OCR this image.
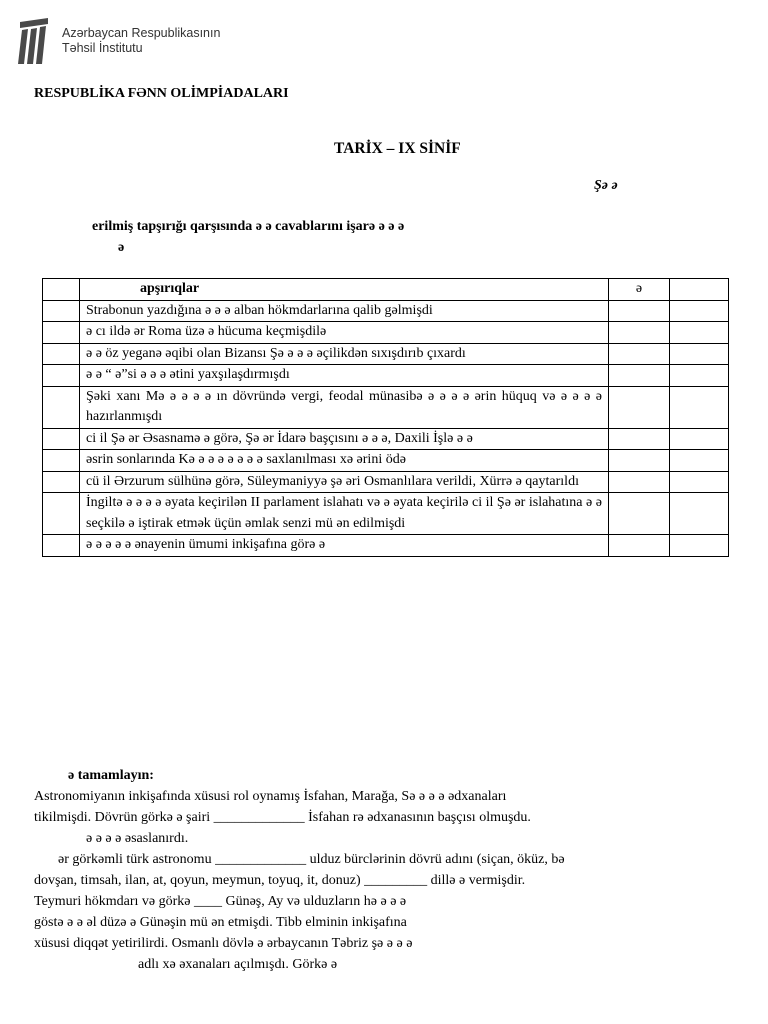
Azərbaycan Respublikasının
Təhsil İnstitutu
RESPUBLİKA FƏNN OLİMPİADALARI
TARİX – IX SİNİF
Şə ə
erilmiş tapşırığı qarşısında ə ə cavablarını işarə ə ə ə
ə
	apşırıqlar	ə	
	Strabonun yazdığına ə ə ə alban hökmdarlarına qalib gəlmişdi		
	ə cı ildə ər Roma üzə ə hücuma keçmişdilə		
	ə ə öz yeganə əqibi olan Bizansı Şə ə ə ə əçilikdən sıxışdırıb çıxardı		
	ə ə “ ə”si ə ə ə ətini yaxşılaşdırmışdı		
	Şəki xanı Mə ə ə ə ə ın dövründə vergi, feodal münasibə ə ə ə ə ərin hüquq və ə ə ə ə hazırlanmışdı		
	ci il Şə ər Əsasnamə ə görə, Şə ər İdarə başçısını ə ə ə, Daxili İşlə ə ə		
	əsrin sonlarında Kə ə ə ə ə ə ə ə saxlanılması xə ərini ödə		
	cü il Ərzurum sülhünə görə, Süleymaniyyə şə əri Osmanlılara verildi, Xürrə ə qaytarıldı		
	İngiltə ə ə ə ə əyata keçirilən II parlament islahatı və ə əyata keçirilə ci il Şə ər islahatına ə ə seçkilə ə iştirak etmək üçün əmlak senzi mü ən edilmişdi		
	ə ə ə ə ə ənayenin ümumi inkişafına görə ə		
ə tamamlayın:
Astronomiyanın inkişafında xüsusi rol oynamış İsfahan, Marağa, Sə ə ə ə ədxanaları
tikilmişdi. Dövrün görkə ə şairi _____________ İsfahan rə ədxanasının başçısı olmuşdu.
ə ə ə ə əsaslanırdı.
ər görkəmli türk astronomu _____________ ulduz bürclərinin dövrü adını (siçan, öküz, bə
dovşan, timsah, ilan, at, qoyun, meymun, toyuq, it, donuz) _________ dillə ə vermişdir.
Teymuri hökmdarı və görkə ____ Günəş, Ay və ulduzların hə ə ə ə
göstə ə ə əl düzə ə Günəşin mü ən etmişdi. Tibb elminin inkişafına
xüsusi diqqət yetirilirdi. Osmanlı dövlə ə ərbaycanın Təbriz şə ə ə ə
adlı xə əxanaları açılmışdı. Görkə ə
